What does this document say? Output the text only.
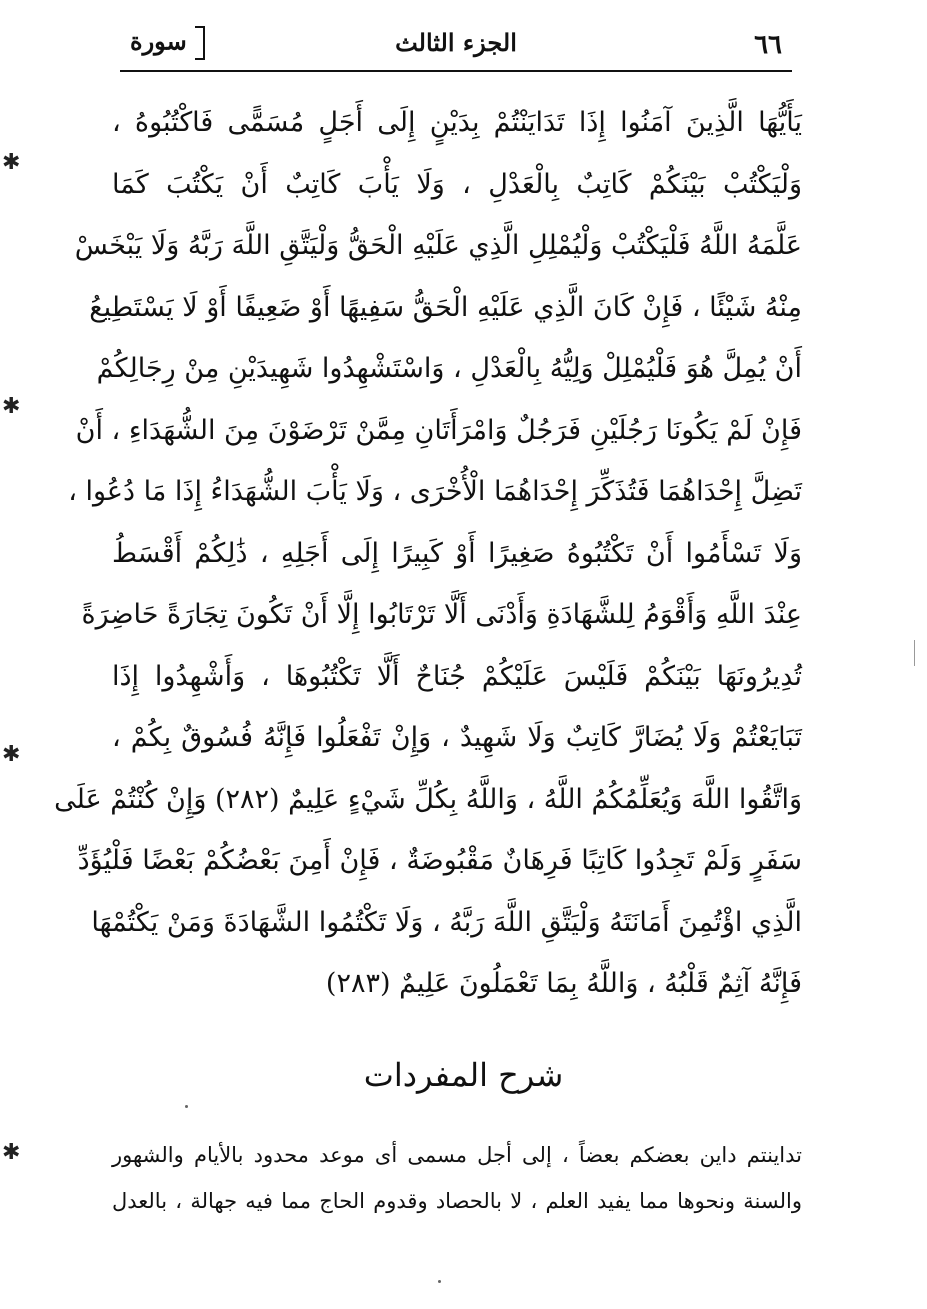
٦٦
الجزء الثالث
سورة
يَأَيُّهَا الَّذِينَ آمَنُوا إِذَا تَدَايَنْتُمْ بِدَيْنٍ إِلَى أَجَلٍ مُسَمًّى فَاكْتُبُوهُ ،
وَلْيَكْتُبْ بَيْنَكُمْ كَاتِبٌ بِالْعَدْلِ ، وَلَا يَأْبَ كَاتِبٌ أَنْ يَكْتُبَ كَمَا
عَلَّمَهُ اللَّهُ فَلْيَكْتُبْ وَلْيُمْلِلِ الَّذِي عَلَيْهِ الْحَقُّ وَلْيَتَّقِ اللَّهَ رَبَّهُ وَلَا يَبْخَسْ
مِنْهُ شَيْئًا ، فَإِنْ كَانَ الَّذِي عَلَيْهِ الْحَقُّ سَفِيهًا أَوْ ضَعِيفًا أَوْ لَا يَسْتَطِيعُ
أَنْ يُمِلَّ هُوَ فَلْيُمْلِلْ وَلِيُّهُ بِالْعَدْلِ ، وَاسْتَشْهِدُوا شَهِيدَيْنِ مِنْ رِجَالِكُمْ
فَإِنْ لَمْ يَكُونَا رَجُلَيْنِ فَرَجُلٌ وَامْرَأَتَانِ مِمَّنْ تَرْضَوْنَ مِنَ الشُّهَدَاءِ ، أَنْ
تَضِلَّ إِحْدَاهُمَا فَتُذَكِّرَ إِحْدَاهُمَا الْأُخْرَى ، وَلَا يَأْبَ الشُّهَدَاءُ إِذَا مَا دُعُوا ،
وَلَا تَسْأَمُوا أَنْ تَكْتُبُوهُ صَغِيرًا أَوْ كَبِيرًا إِلَى أَجَلِهِ ، ذَٰلِكُمْ أَقْسَطُ
عِنْدَ اللَّهِ وَأَقْوَمُ لِلشَّهَادَةِ وَأَدْنَى أَلَّا تَرْتَابُوا إِلَّا أَنْ تَكُونَ تِجَارَةً حَاضِرَةً
تُدِيرُونَهَا بَيْنَكُمْ فَلَيْسَ عَلَيْكُمْ جُنَاحٌ أَلَّا تَكْتُبُوهَا ، وَأَشْهِدُوا إِذَا
تَبَايَعْتُمْ وَلَا يُضَارَّ كَاتِبٌ وَلَا شَهِيدٌ ، وَإِنْ تَفْعَلُوا فَإِنَّهُ فُسُوقٌ بِكُمْ ،
وَاتَّقُوا اللَّهَ وَيُعَلِّمُكُمُ اللَّهُ ، وَاللَّهُ بِكُلِّ شَيْءٍ عَلِيمٌ (٢٨٢) وَإِنْ كُنْتُمْ عَلَى
سَفَرٍ وَلَمْ تَجِدُوا كَاتِبًا فَرِهَانٌ مَقْبُوضَةٌ ، فَإِنْ أَمِنَ بَعْضُكُمْ بَعْضًا فَلْيُؤَدِّ
الَّذِي اؤْتُمِنَ أَمَانَتَهُ وَلْيَتَّقِ اللَّهَ رَبَّهُ ، وَلَا تَكْتُمُوا الشَّهَادَةَ وَمَنْ يَكْتُمْهَا
فَإِنَّهُ آثِمٌ قَلْبُهُ ، وَاللَّهُ بِمَا تَعْمَلُونَ عَلِيمٌ (٢٨٣)
شرح المفردات
تداينتم داين بعضكم بعضاً ، إلى أجل مسمى أى موعد محدود بالأيام والشهور
والسنة ونحوها مما يفيد العلم ، لا بالحصاد وقدوم الحاج مما فيه جهالة ، بالعدل
✱
✱
✱
✱
